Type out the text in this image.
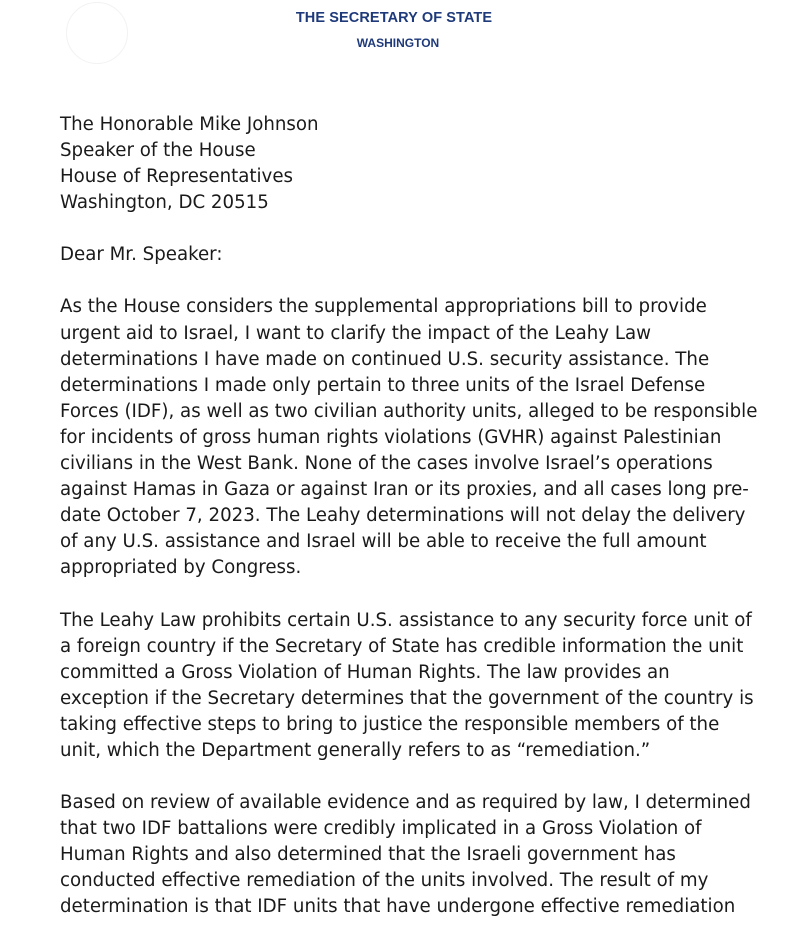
THE SECRETARY OF STATE
WASHINGTON

The Honorable Mike Johnson
Speaker of the House
House of Representatives
Washington, DC 20515

Dear Mr. Speaker:

As the House considers the supplemental appropriations bill to provide
urgent aid to Israel, I want to clarify the impact of the Leahy Law
determinations I have made on continued U.S. security assistance. The
determinations I made only pertain to three units of the Israel Defense
Forces (IDF), as well as two civilian authority units, alleged to be responsible
for incidents of gross human rights violations (GVHR) against Palestinian
civilians in the West Bank. None of the cases involve Israel’s operations
against Hamas in Gaza or against Iran or its proxies, and all cases long pre-
date October 7, 2023. The Leahy determinations will not delay the delivery
of any U.S. assistance and Israel will be able to receive the full amount
appropriated by Congress.

The Leahy Law prohibits certain U.S. assistance to any security force unit of
a foreign country if the Secretary of State has credible information the unit
committed a Gross Violation of Human Rights. The law provides an
exception if the Secretary determines that the government of the country is
taking effective steps to bring to justice the responsible members of the
unit, which the Department generally refers to as “remediation.”

Based on review of available evidence and as required by law, I determined
that two IDF battalions were credibly implicated in a Gross Violation of
Human Rights and also determined that the Israeli government has
conducted effective remediation of the units involved. The result of my
determination is that IDF units that have undergone effective remediation
